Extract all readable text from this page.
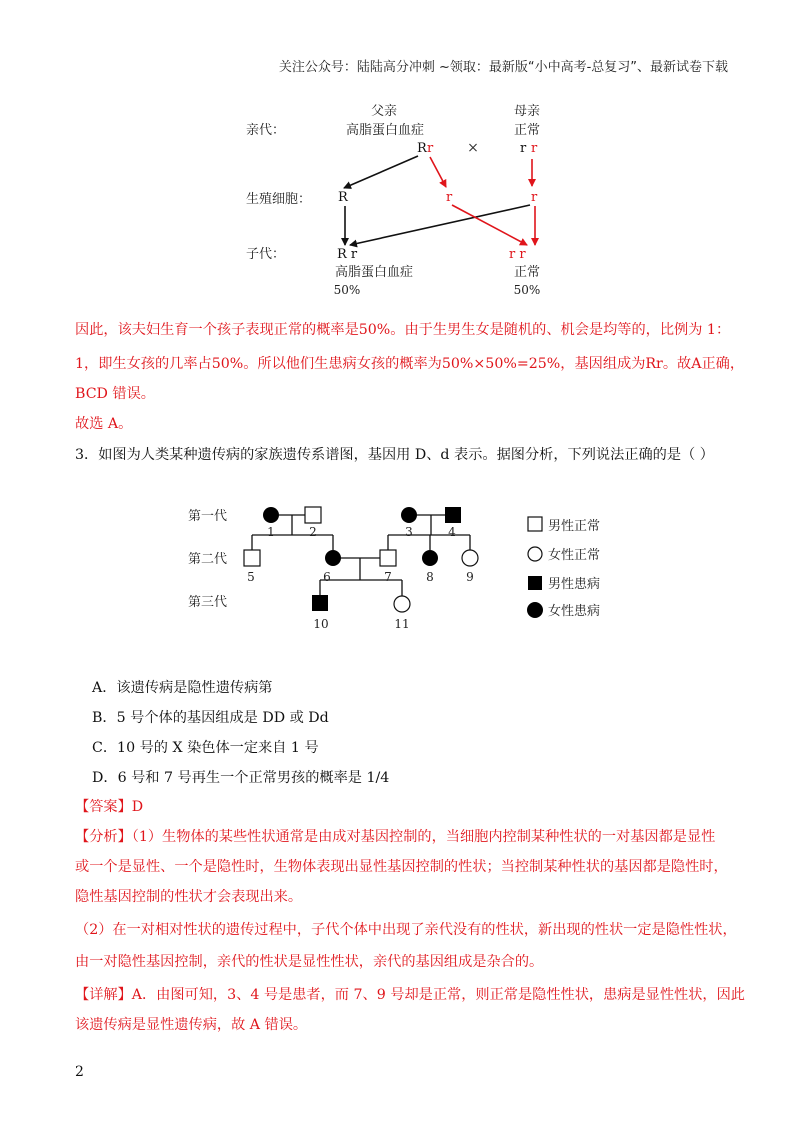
关注公众号：陆陆高分冲刺 ~领取：最新版“小中高考-总复习”、最新试卷下载
父亲	母亲
亲代：	高脂蛋白血症	正常
R r ×	r r
生殖细胞： R	r	r
子代：	R r	r r
高脂蛋白血症	正常
50%	50%
因此，该夫妇生育一个孩子表现正常的概率是50%。由于生男生女是随机的、机会是均等的，比例为 1：
1，即生女孩的几率占50%。所以他们生患病女孩的概率为50%×50%=25%，基因组成为Rr。故A正确，
BCD 错误。
故选 A。
3．如图为人类某种遗传病的家族遗传系谱图，基因用 D、d 表示。据图分析，下列说法正确的是（ ）
第一代
第二代
第三代
1	2	3	4
5	6	7	8	9
10	11
男性正常
女性正常
男性患病
女性患病
A．该遗传病是隐性遗传病第
B．5 号个体的基因组成是 DD 或 Dd
C．10 号的 X 染色体一定来自 1 号
D．6 号和 7 号再生一个正常男孩的概率是 1/4
【答案】D
【分析】（1）生物体的某些性状通常是由成对基因控制的，当细胞内控制某种性状的一对基因都是显性
或一个是显性、一个是隐性时，生物体表现出显性基因控制的性状；当控制某种性状的基因都是隐性时，
隐性基因控制的性状才会表现出来。
（2）在一对相对性状的遗传过程中，子代个体中出现了亲代没有的性状，新出现的性状一定是隐性性状，
由一对隐性基因控制，亲代的性状是显性性状，亲代的基因组成是杂合的。
【详解】A．由图可知，3、4 号是患者，而 7、9 号却是正常，则正常是隐性性状，患病是显性性状，因此
该遗传病是显性遗传病，故 A 错误。
2
